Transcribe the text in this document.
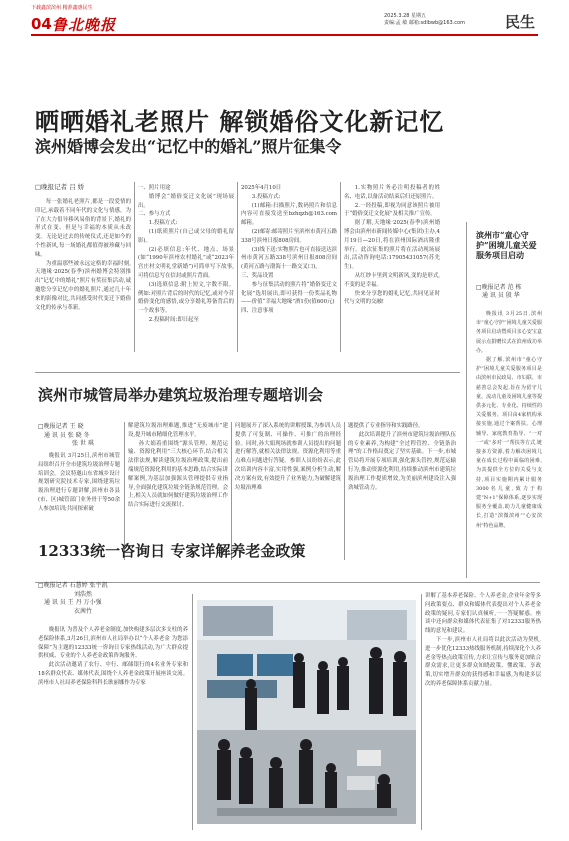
下载鑫滨滨州 精准鑫惠民生
04 鲁北晚报	2025.3.28 星期五
责编:孟 敏 邮箱:sdlbwb@163.com	民生
晒晒婚礼老照片 解锁婚俗文化新记忆
滨州婚博会发出“记忆中的婚礼”照片征集令
□晚报记者 吕 娇

每一张婚礼老照片,都是一段爱情的印记,承载着不同年代的文化与情感。为了在大力倡导移风易俗的背景下,婚礼的形式在变、但是与幸福的本质从未改变。无论是过去的传统仪式,还是如今的个性新风,每一场婚礼都值得被珍藏与回味。

为重温那些被永远定格的幸福时刻,天地缘·2025(春季)滨州婚博会特别推出“记忆中的婚礼”照片有奖征集活动,诚邀您分享记忆中的婚礼照片,通过几十年来的影像对比,共同感受时代变迁下婚俗文化的传承与革新。

一、照片用途

婚博会“婚俗变迁文化展”现场展出。

二、参与方式

1.投稿方式:

(1)纸质照片(自己或父母的婚礼留影)。

(2)必填信息:年代、地点、场景(如“1990年滨州农村婚礼”或“2023年宫庄村文明礼堂新婚”)可简单写下故事,可将信息写在信封或照片背面。

(3)选填信息:附上短文,字数不限。例如:对照片背后的时代的记忆,或对今昔婚俗变化的感悟,或分享婚礼筹备背后的一个故事等。

2.投稿时间:即日起至

2025年4月10日

3.投稿方式:

(1)邮箱:扫描照片,数码照片和信息内容可直接发送至bzhqzh@163.com邮箱。

(2)邮寄:邮寄照片至滨州市黄河五路338号滨州日报808房间。

(3)线下送:实物照片也可直接送达滨州市黄河五路338号滨州日报808房间(黄河五路与渤海十一路交叉口)。

三、奖品设置

参与征集活动的照片将“婚俗变迁文化展”选用展出,即可获得一份奖品礼物——价值“幸福大地缘”酒1份(值600元)

四、注意事项

1.实物照片务必注明投稿者的姓名、电话,以备活动结束后归还原照片。

2.一经投稿,即视为同意该照片被用于“婚俗变迁文化展”及相关推广宣传。

据了解,天地缘·2025(春季)滨州婚博会由滨州市新闻传媒中心(集团)主办,4月19日—20日,将在滨州国际酒店隆重举行。此次征集的照片将在活动现场展出,活动咨询电话:17905431057(苏先生)。

从红纱卡里到文明新风,变的是形式,不变的是幸福。

快来分享您的婚礼记忆,共同见证时代与文明的交融!

滨州市“童心守护”困境儿童关爱服务项目启动
□晚报记者 范 栋
通 讯 员 殷 华

晚报讯 3月25日,滨州市“童心守护”困境儿童关爱服务项目启动暨项目亲心安宝盒展示点捐赠仪式在滨州成功举办。

据了解,滨州市“童心守护”困境儿童关爱服务项目是由滨州市民政局、市妇联、市慈善总会发起,旨在为留守儿童、流动儿童及困境儿童等提供多元化、专业化、持续性的关爱服务。项目由4家机构承接实施,通过个案帮扶、心理辅导、家庭教育指导、“一对一”或“多对一”帮扶等方式,链接多方资源,着力解决困境儿童在成长过程中面临的困难,为其提供全方位的关爱与支持,项目实施期内累计服务3000名儿童,致力于构建“N+1”保障体系,逐步实现服务全覆盖,助力儿童健康成长,打造“滨微滨州”“心安滨州”特色品牌。

滨州市城管局举办建筑垃圾治理专题培训会
□晚报记者 王 晓
通 讯 员 张 晓 冬
张 世 琪

晚报讯 3月25日,滨州市城管局组织召开全市建筑垃圾治理专题培训会。会议特邀山东省城乡设计规划研究院技术专家,围绕建筑垃圾治理进行专题讲解,滨州市各县(市、区)城管部门业务骨干等50余人参加培训;共同探索破

解建筑垃圾治理难题,推进“无废城市”建设,提升城市精细化管理水平。

孙大娟着重围绕“源头管理、规范运输、资源化利用”三大核心环节,结合相关法律法规,解读建筑垃圾治理政策,提出前端规范资源化利用的基本思路,结合实际讲解案例,为基层加强源头管理提供专业指导,全面强化建筑垃圾全链条规范管理。会上,相关人员就如何做好建筑垃圾治理工作结合实际进行交流探讨。

问题展开了深入系统的讲解授课,为参训人员提供了可复制、可操作、可推广的治理经验。同时,孙大娟现场就参训人员提出的问题进行解答,就相关法律法规、资源化利用等重点难点问题进行答疑。参训人员纷纷表示,此次培训内容丰富,实用性强,案例分析生动,解决方案有效,有效提升了业务能力,为破解建筑垃圾治理难
题提供了专业指导和实践路径。

此次培训提升了滨州市建筑垃圾治理队伍的专业素养,为构建“全过程管控、全链条治理”的工作格局奠定了坚实基础。下一步,市城管局将开展专项培训,强化源头管控,规范运输行为,推动资源化利用,持续推动滨州市建筑垃圾治理工作提质增效,为美丽滨州建设注入强劲城管动力。

12333统一咨询日 专家详解养老金政策
□晚报记者 石慧婷 张宇凯
刘浩然
通 讯 员 王 丹 万小强
衣茜竹

晚报讯 为普及个人养老金制度,加快构建多层次多支柱的养老保险体系,3月26日,滨州市人社局举办以“个人养老金 为您添保障”为主题的12333统一咨询日专家热线活动,为广大群众提供权威、专业的个人养老金政策咨询服务。

此次活动邀请了农行、中行、邮储银行的4名业务专家和18名群众代表、媒体代表,围绕个人养老金政策开展座谈交流。滨州市人社局养老保险科科长耿丽娜作为专家

讲解了基本养老保险、个人养老金,企业年金等多问政策要点、群众和媒体代表提出对个人养老金政策的疑问,专家们认真倾听,一一答疑解惑。座谈中还向群众和媒体代表征集了对12333服务热线的意见和建议。

下一步,滨州市人社局将以此次活动为契机,进一步优化12333热线服务机制,持续深化个人养老金等热点政策宣传,力求让宣传与服务更加贴合群众需求,让更多群众知晓政策、懂政策、享政策,切实增升群众的获得感和幸福感,为构建多层次的养老保障体系贡献力量。
